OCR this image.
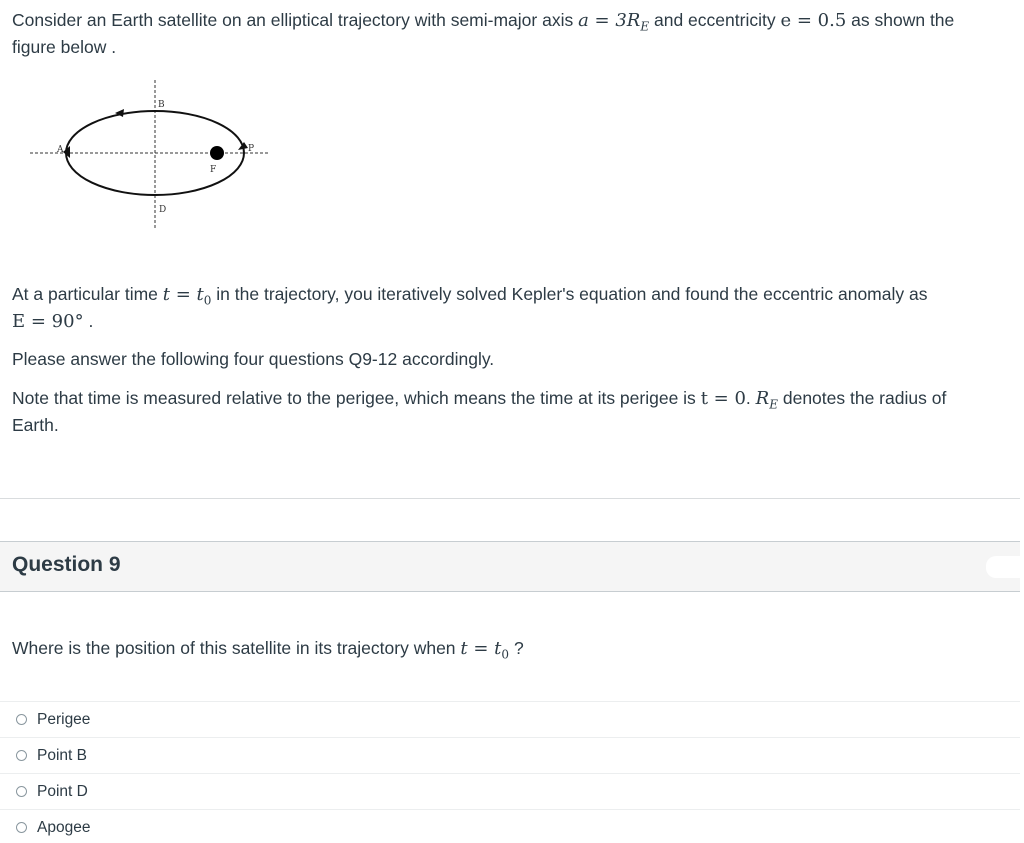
Consider an Earth satellite on an elliptical trajectory with semi-major axis $a = 3R_E$ and eccentricity e = 0.5 as shown the

figure below .

A
B
P
F
D

At a particular time $t = t_0$ in the trajectory, you iteratively solved Kepler's equation and found the eccentric anomaly as

E = 90° .

Please answer the following four questions Q9-12 accordingly.

Note that time is measured relative to the perigee, which means the time at its perigee is t = 0. $R_E$ denotes the radius of

Earth.

Question 9

Where is the position of this satellite in its trajectory when $t = t_0$ ?

Perigee
Point B
Point D
Apogee
